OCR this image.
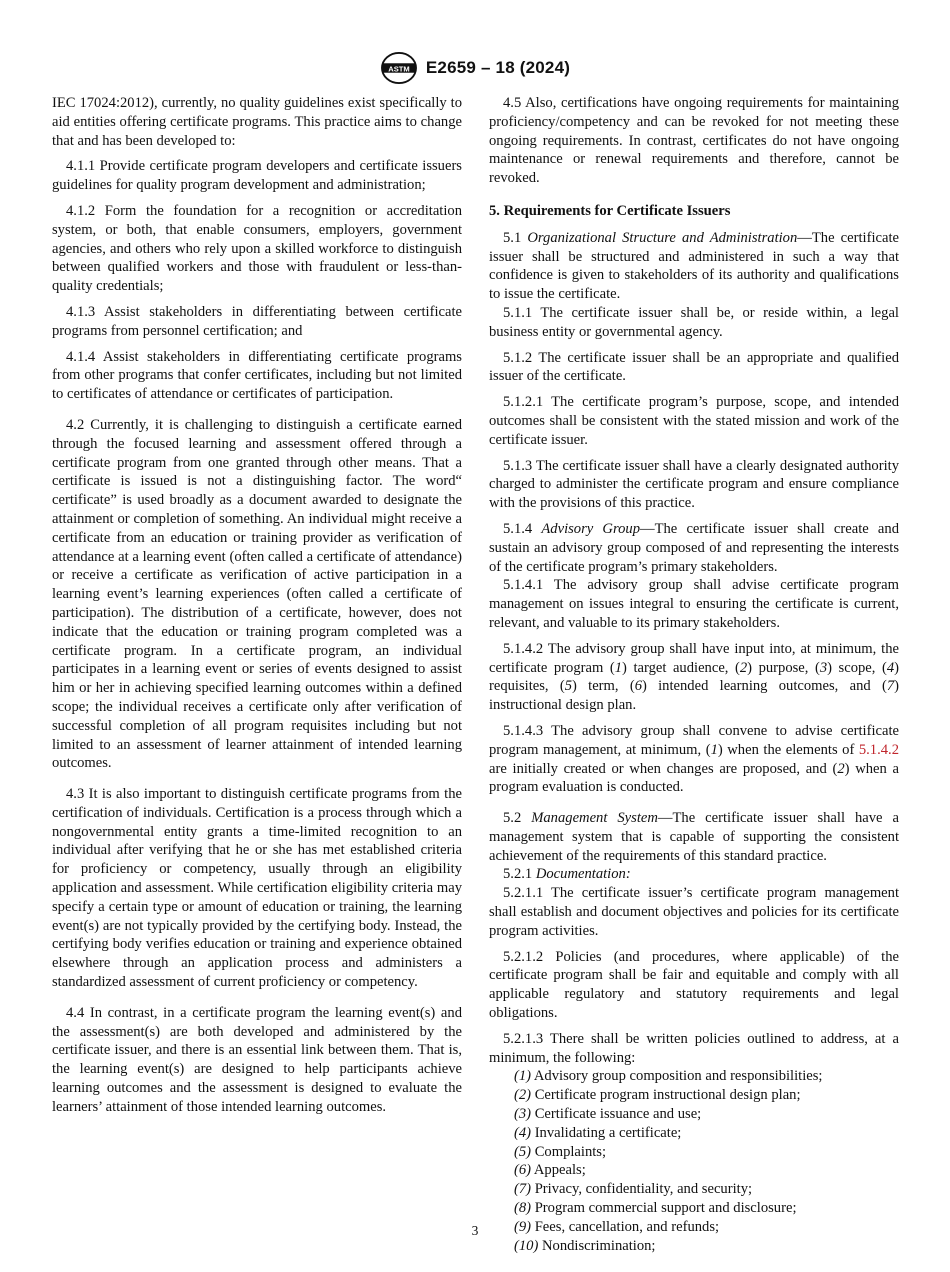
ASTM E2659 – 18 (2024)

IEC 17024:2012), currently, no quality guidelines exist specifically to aid entities offering certificate programs. This practice aims to change that and has been developed to:

4.1.1 Provide certificate program developers and certificate issuers guidelines for quality program development and administration;

4.1.2 Form the foundation for a recognition or accreditation system, or both, that enable consumers, employers, government agencies, and others who rely upon a skilled workforce to distinguish between qualified workers and those with fraudulent or less-than-quality credentials;

4.1.3 Assist stakeholders in differentiating between certificate programs from personnel certification; and

4.1.4 Assist stakeholders in differentiating certificate programs from other programs that confer certificates, including but not limited to certificates of attendance or certificates of participation.

4.2 Currently, it is challenging to distinguish a certificate earned through the focused learning and assessment offered through a certificate program from one granted through other means. That a certificate is issued is not a distinguishing factor. The word“ certificate” is used broadly as a document awarded to designate the attainment or completion of something. An individual might receive a certificate from an education or training provider as verification of attendance at a learning event (often called a certificate of attendance) or receive a certificate as verification of active participation in a learning event’s learning experiences (often called a certificate of participation). The distribution of a certificate, however, does not indicate that the education or training program completed was a certificate program. In a certificate program, an individual participates in a learning event or series of events designed to assist him or her in achieving specified learning outcomes within a defined scope; the individual receives a certificate only after verification of successful completion of all program requisites including but not limited to an assessment of learner attainment of intended learning outcomes.

4.3 It is also important to distinguish certificate programs from the certification of individuals. Certification is a process through which a nongovernmental entity grants a time-limited recognition to an individual after verifying that he or she has met established criteria for proficiency or competency, usually through an eligibility application and assessment. While certification eligibility criteria may specify a certain type or amount of education or training, the learning event(s) are not typically provided by the certifying body. Instead, the certifying body verifies education or training and experience obtained elsewhere through an application process and administers a standardized assessment of current proficiency or competency.

4.4 In contrast, in a certificate program the learning event(s) and the assessment(s) are both developed and administered by the certificate issuer, and there is an essential link between them. That is, the learning event(s) are designed to help participants achieve learning outcomes and the assessment is designed to evaluate the learners’ attainment of those intended learning outcomes.

4.5 Also, certifications have ongoing requirements for maintaining proficiency/competency and can be revoked for not meeting these ongoing requirements. In contrast, certificates do not have ongoing maintenance or renewal requirements and therefore, cannot be revoked.

5. Requirements for Certificate Issuers

5.1 Organizational Structure and Administration—The certificate issuer shall be structured and administered in such a way that confidence is given to stakeholders of its authority and qualifications to issue the certificate.

5.1.1 The certificate issuer shall be, or reside within, a legal business entity or governmental agency.

5.1.2 The certificate issuer shall be an appropriate and qualified issuer of the certificate.

5.1.2.1 The certificate program’s purpose, scope, and intended outcomes shall be consistent with the stated mission and work of the certificate issuer.

5.1.3 The certificate issuer shall have a clearly designated authority charged to administer the certificate program and ensure compliance with the provisions of this practice.

5.1.4 Advisory Group—The certificate issuer shall create and sustain an advisory group composed of and representing the interests of the certificate program’s primary stakeholders.

5.1.4.1 The advisory group shall advise certificate program management on issues integral to ensuring the certificate is current, relevant, and valuable to its primary stakeholders.

5.1.4.2 The advisory group shall have input into, at minimum, the certificate program (1) target audience, (2) purpose, (3) scope, (4) requisites, (5) term, (6) intended learning outcomes, and (7) instructional design plan.

5.1.4.3 The advisory group shall convene to advise certificate program management, at minimum, (1) when the elements of 5.1.4.2 are initially created or when changes are proposed, and (2) when a program evaluation is conducted.

5.2 Management System—The certificate issuer shall have a management system that is capable of supporting the consistent achievement of the requirements of this standard practice.

5.2.1 Documentation:

5.2.1.1 The certificate issuer’s certificate program management shall establish and document objectives and policies for its certificate program activities.

5.2.1.2 Policies (and procedures, where applicable) of the certificate program shall be fair and equitable and comply with all applicable regulatory and statutory requirements and legal obligations.

5.2.1.3 There shall be written policies outlined to address, at a minimum, the following:

(1) Advisory group composition and responsibilities;
(2) Certificate program instructional design plan;
(3) Certificate issuance and use;
(4) Invalidating a certificate;
(5) Complaints;
(6) Appeals;
(7) Privacy, confidentiality, and security;
(8) Program commercial support and disclosure;
(9) Fees, cancellation, and refunds;
(10) Nondiscrimination;
3
